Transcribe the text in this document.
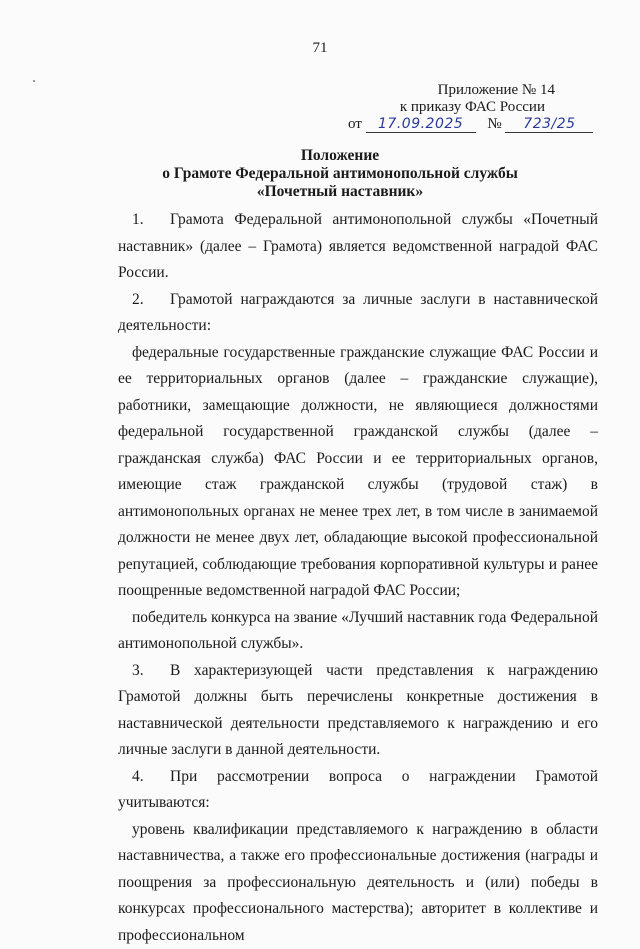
71
Приложение № 14
к приказу ФАС России
от 17.09.2025 № 723/25
Положение
о Грамоте Федеральной антимонопольной службы
«Почетный наставник»

1. Грамота Федеральной антимонопольной службы «Почетный наставник» (далее – Грамота) является ведомственной наградой ФАС России.

2. Грамотой награждаются за личные заслуги в наставнической деятельности:

федеральные государственные гражданские служащие ФАС России и ее территориальных органов (далее – гражданские служащие), работники, замещающие должности, не являющиеся должностями федеральной государственной гражданской службы (далее – гражданская служба) ФАС России и ее территориальных органов, имеющие стаж гражданской службы (трудовой стаж) в антимонопольных органах не менее трех лет, в том числе в занимаемой должности не менее двух лет, обладающие высокой профессиональной репутацией, соблюдающие требования корпоративной культуры и ранее поощренные ведомственной наградой ФАС России;

победитель конкурса на звание «Лучший наставник года Федеральной антимонопольной службы».

3. В характеризующей части представления к награждению Грамотой должны быть перечислены конкретные достижения в наставнической деятельности представляемого к награждению и его личные заслуги в данной деятельности.

4. При рассмотрении вопроса о награждении Грамотой учитываются:

уровень квалификации представляемого к награждению в области наставничества, а также его профессиональные достижения (награды и поощрения за профессиональную деятельность и (или) победы в конкурсах профессионального мастерства); авторитет в коллективе и профессиональном
